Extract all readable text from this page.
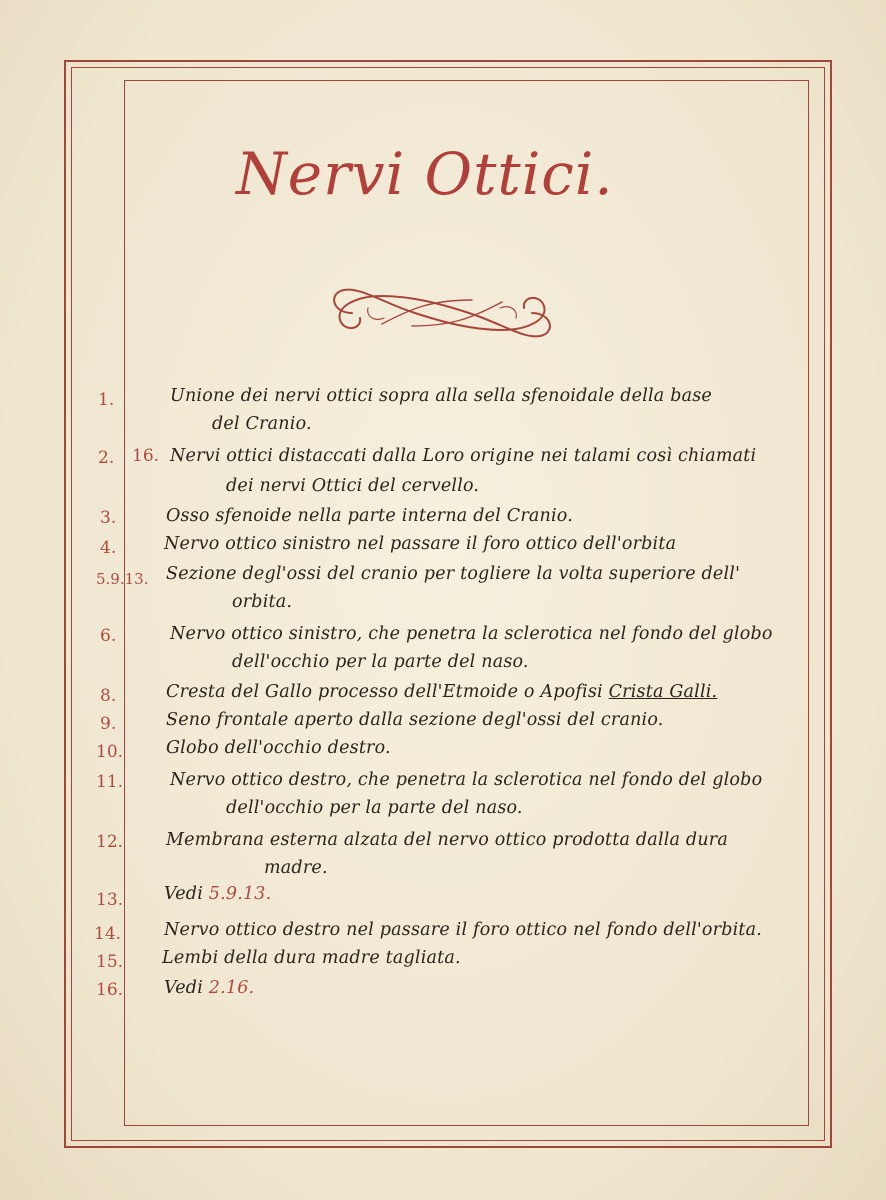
Nervi Ottici.
1.	Unione dei nervi ottici sopra alla sella sfenoidale della base
del Cranio.
2. 16. Nervi ottici distaccati dalla Loro origine nei talami così chiamati
dei nervi Ottici del cervello.
3.	Osso sfenoide nella parte interna del Cranio.
4.	Nervo ottico sinistro nel passare il foro ottico dell'orbita
5.9.13. Sezione degl'ossi del cranio per togliere la volta superiore dell'
orbita.
6.	Nervo ottico sinistro, che penetra la sclerotica nel fondo del globo
dell'occhio per la parte del naso.
8.	Cresta del Gallo processo dell'Etmoide o Apofisi Crista Galli.
9.	Seno frontale aperto dalla sezione degl'ossi del cranio.
10. Globo dell'occhio destro.
11.	Nervo ottico destro, che penetra la sclerotica nel fondo del globo
dell'occhio per la parte del naso.
12. Membrana esterna alzata del nervo ottico prodotta dalla dura
madre.
13. Vedi 5.9.13.
14. Nervo ottico destro nel passare il foro ottico nel fondo dell'orbita.
15. Lembi della dura madre tagliata.
16. Vedi 2.16.
